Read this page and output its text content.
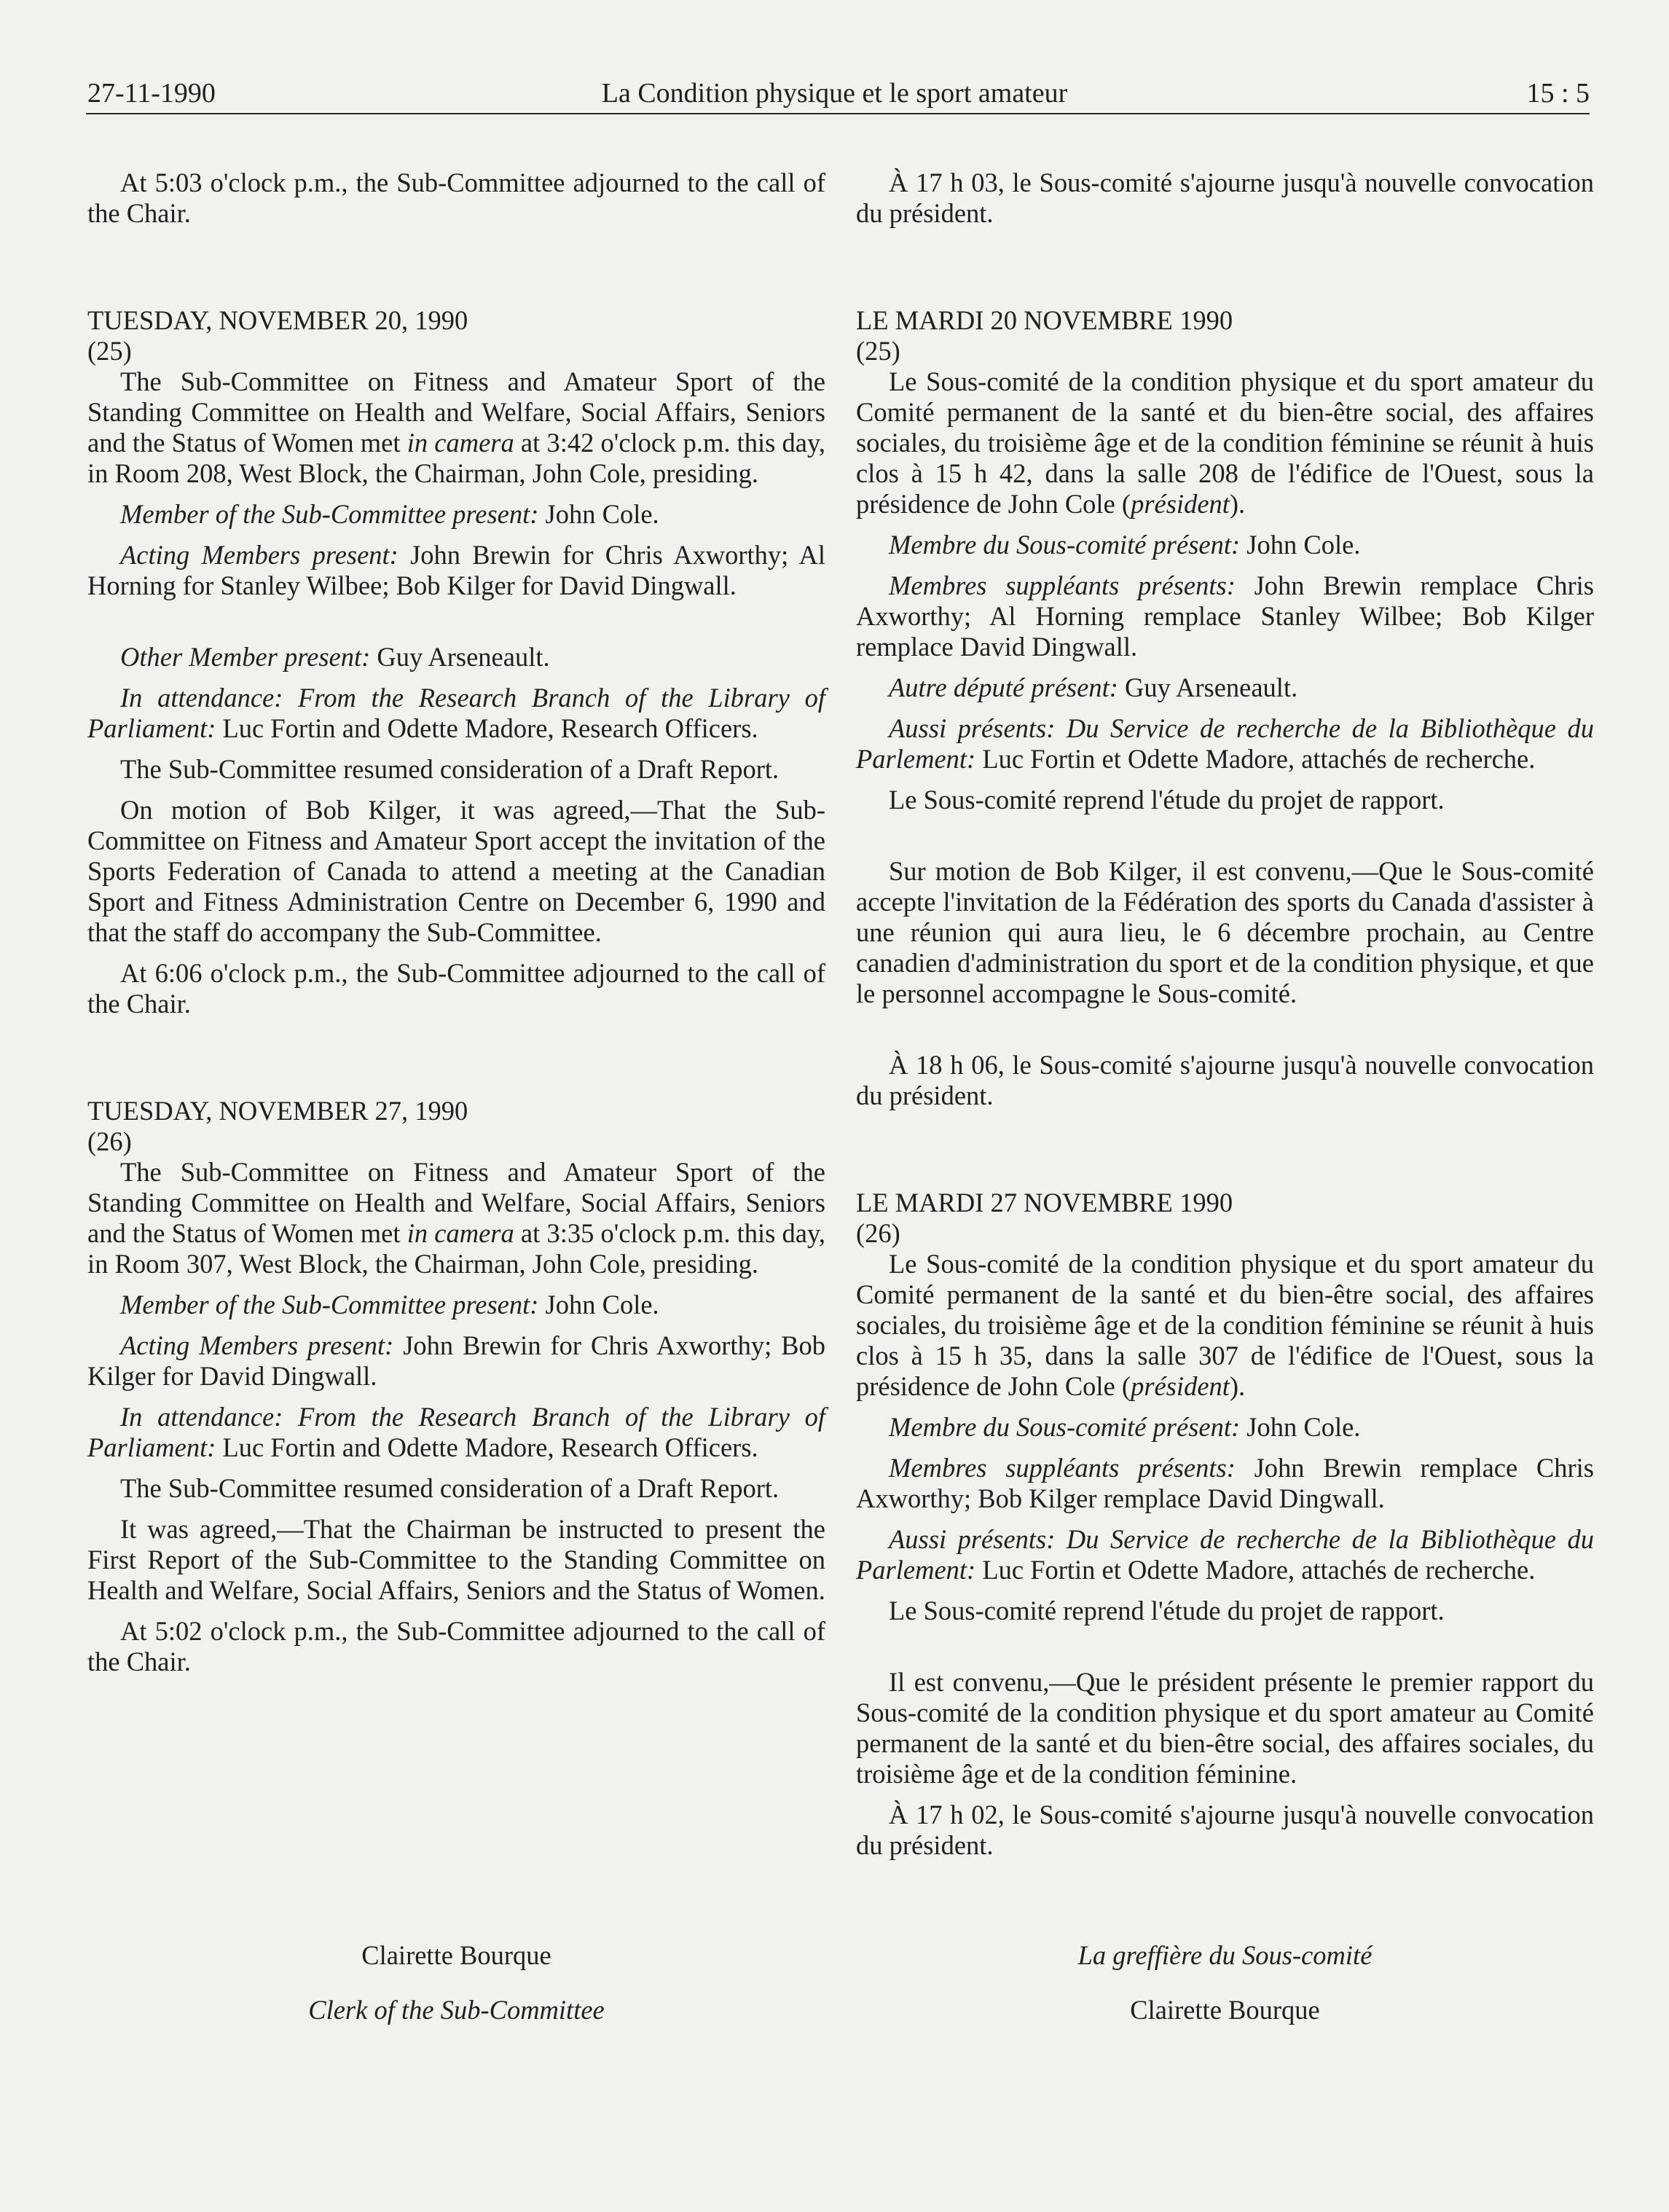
27-11-1990	La Condition physique et le sport amateur	15 : 5

At 5:03 o'clock p.m., the Sub-Committee adjourned to the call of the Chair.

TUESDAY, NOVEMBER 20, 1990

(25)

The Sub-Committee on Fitness and Amateur Sport of the Standing Committee on Health and Welfare, Social Affairs, Seniors and the Status of Women met in camera at 3:42 o'clock p.m. this day, in Room 208, West Block, the Chairman, John Cole, presiding.

Member of the Sub-Committee present: John Cole.

Acting Members present: John Brewin for Chris Axworthy; Al Horning for Stanley Wilbee; Bob Kilger for David Dingwall.

Other Member present: Guy Arseneault.

In attendance: From the Research Branch of the Library of Parliament: Luc Fortin and Odette Madore, Research Officers.

The Sub-Committee resumed consideration of a Draft Report.

On motion of Bob Kilger, it was agreed,—That the Sub-Committee on Fitness and Amateur Sport accept the invitation of the Sports Federation of Canada to attend a meeting at the Canadian Sport and Fitness Administration Centre on December 6, 1990 and that the staff do accompany the Sub-Committee.

At 6:06 o'clock p.m., the Sub-Committee adjourned to the call of the Chair.

TUESDAY, NOVEMBER 27, 1990

(26)

The Sub-Committee on Fitness and Amateur Sport of the Standing Committee on Health and Welfare, Social Affairs, Seniors and the Status of Women met in camera at 3:35 o'clock p.m. this day, in Room 307, West Block, the Chairman, John Cole, presiding.

Member of the Sub-Committee present: John Cole.

Acting Members present: John Brewin for Chris Axworthy; Bob Kilger for David Dingwall.

In attendance: From the Research Branch of the Library of Parliament: Luc Fortin and Odette Madore, Research Officers.

The Sub-Committee resumed consideration of a Draft Report.

It was agreed,—That the Chairman be instructed to present the First Report of the Sub-Committee to the Standing Committee on Health and Welfare, Social Affairs, Seniors and the Status of Women.

At 5:02 o'clock p.m., the Sub-Committee adjourned to the call of the Chair.

À 17 h 03, le Sous-comité s'ajourne jusqu'à nouvelle convocation du président.

LE MARDI 20 NOVEMBRE 1990

(25)

Le Sous-comité de la condition physique et du sport amateur du Comité permanent de la santé et du bien-être social, des affaires sociales, du troisième âge et de la condition féminine se réunit à huis clos à 15 h 42, dans la salle 208 de l'édifice de l'Ouest, sous la présidence de John Cole (président).

Membre du Sous-comité présent: John Cole.

Membres suppléants présents: John Brewin remplace Chris Axworthy; Al Horning remplace Stanley Wilbee; Bob Kilger remplace David Dingwall.

Autre député présent: Guy Arseneault.

Aussi présents: Du Service de recherche de la Bibliothèque du Parlement: Luc Fortin et Odette Madore, attachés de recherche.

Le Sous-comité reprend l'étude du projet de rapport.

Sur motion de Bob Kilger, il est convenu,—Que le Sous-comité accepte l'invitation de la Fédération des sports du Canada d'assister à une réunion qui aura lieu, le 6 décembre prochain, au Centre canadien d'administration du sport et de la condition physique, et que le personnel accompagne le Sous-comité.

À 18 h 06, le Sous-comité s'ajourne jusqu'à nouvelle convocation du président.

LE MARDI 27 NOVEMBRE 1990

(26)

Le Sous-comité de la condition physique et du sport amateur du Comité permanent de la santé et du bien-être social, des affaires sociales, du troisième âge et de la condition féminine se réunit à huis clos à 15 h 35, dans la salle 307 de l'édifice de l'Ouest, sous la présidence de John Cole (président).

Membre du Sous-comité présent: John Cole.

Membres suppléants présents: John Brewin remplace Chris Axworthy; Bob Kilger remplace David Dingwall.

Aussi présents: Du Service de recherche de la Bibliothèque du Parlement: Luc Fortin et Odette Madore, attachés de recherche.

Le Sous-comité reprend l'étude du projet de rapport.

Il est convenu,—Que le président présente le premier rapport du Sous-comité de la condition physique et du sport amateur au Comité permanent de la santé et du bien-être social, des affaires sociales, du troisième âge et de la condition féminine.

À 17 h 02, le Sous-comité s'ajourne jusqu'à nouvelle convocation du président.

Clairette Bourque
Clerk of the Sub-Committee
La greffière du Sous-comité
Clairette Bourque
